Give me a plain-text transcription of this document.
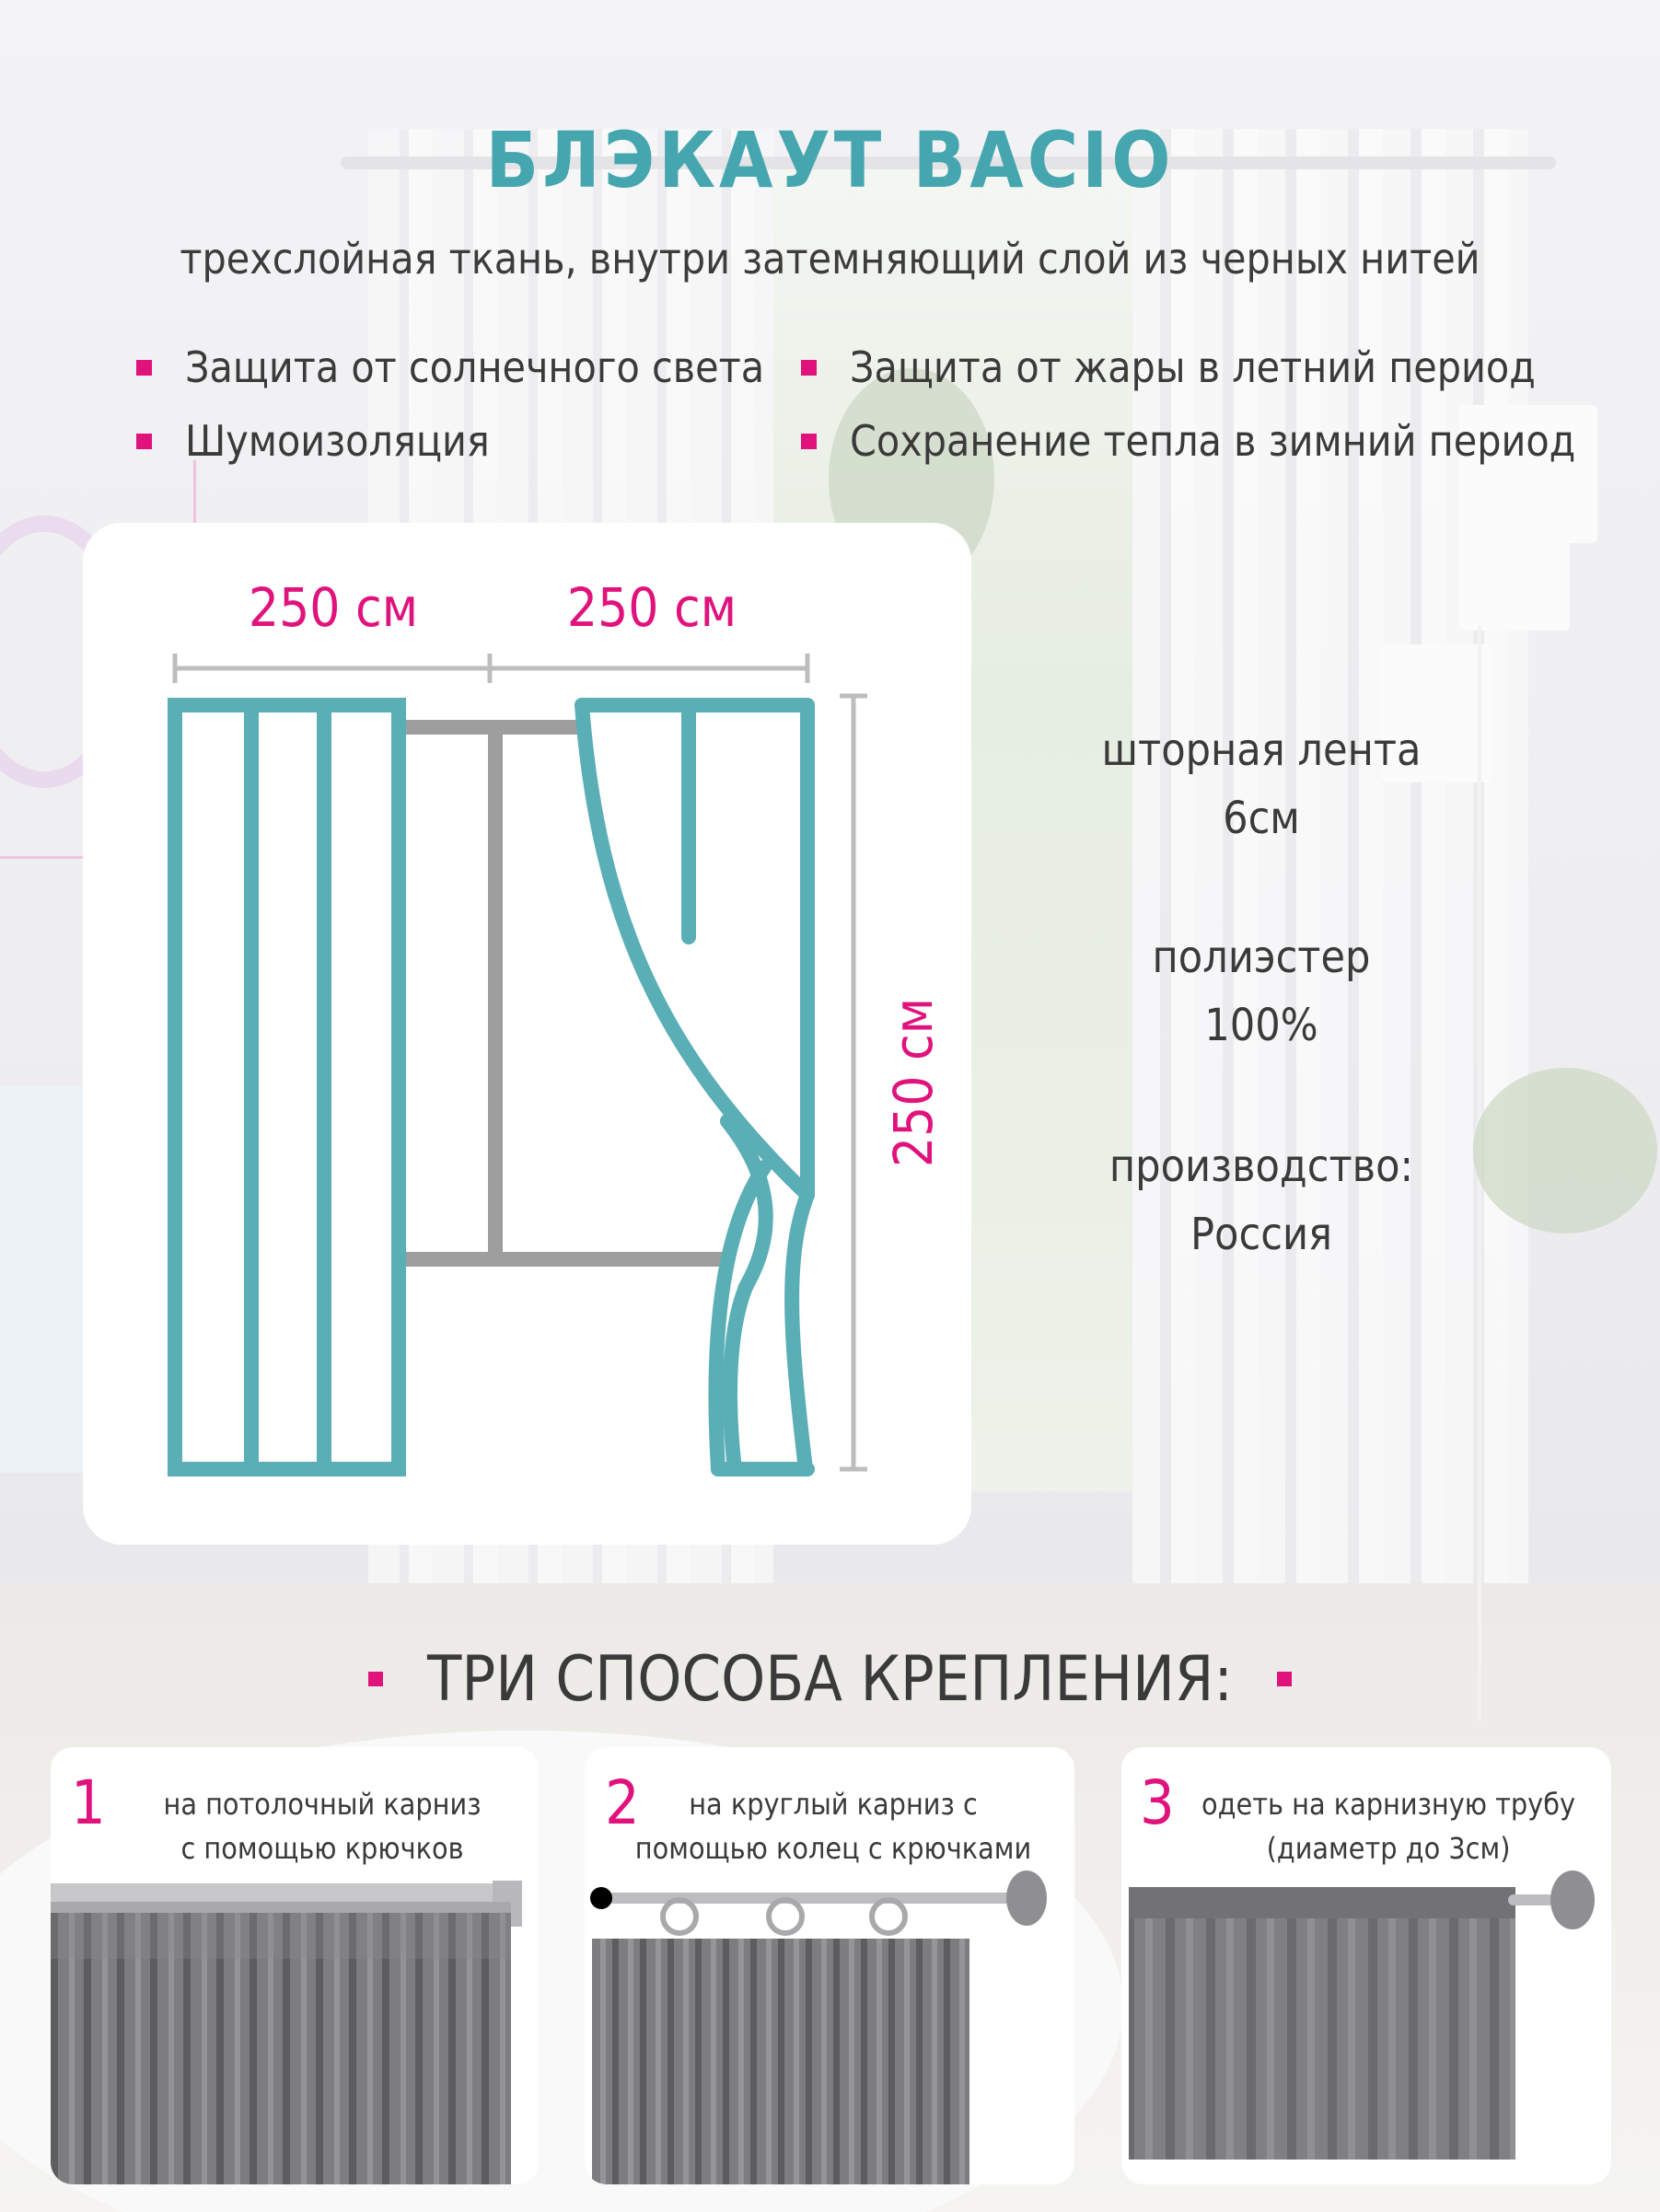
БЛЭКАУТ BACIO
трехслойная ткань, внутри затемняющий слой из черных нитей
Защита от солнечного света Защита от жары в летний период
Шумоизоляция	Сохранение тепла в зимний период
250 см	250 см
250 см
шторная лента
6см
полиэстер
100%
производство:
Россия
ТРИ СПОСОБА КРЕПЛЕНИЯ:
1	на потолочный карниз
с помощью крючков
2	на круглый карниз с
помощью колец с крючками
3 одеть на карнизную трубу
(диаметр до 3см)
